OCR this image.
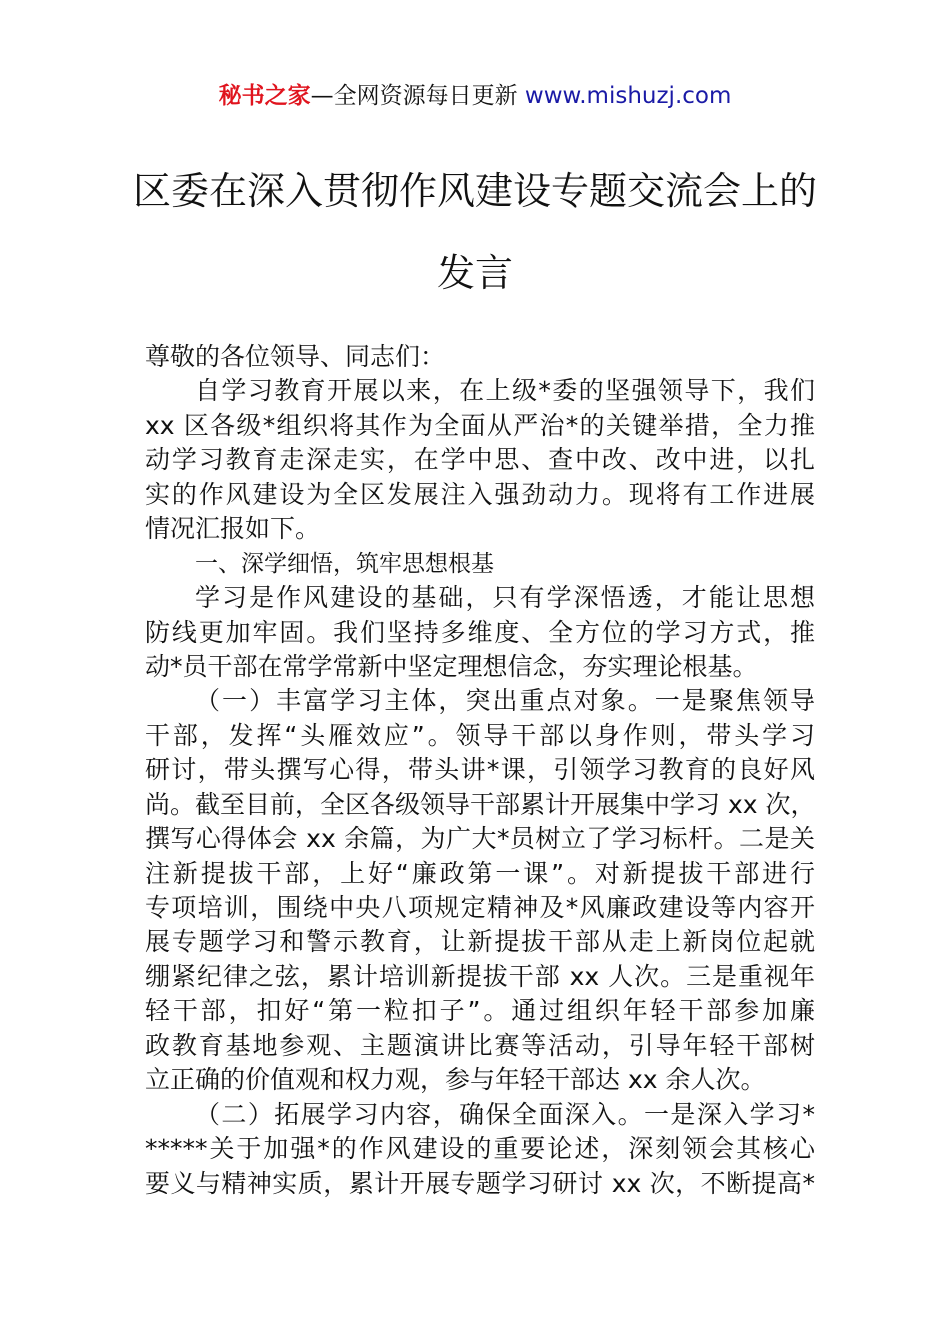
秘书之家—全网资源每日更新 www.mishuzj.com
区委在深入贯彻作风建设专题交流会上的
发言
尊敬的各位领导、同志们：
自学习教育开展以来，在上级*委的坚强领导下，我们
xx 区各级*组织将其作为全面从严治*的关键举措，全力推
动学习教育走深走实，在学中思、查中改、改中进，以扎
实的作风建设为全区发展注入强劲动力。现将有工作进展
情况汇报如下。
一、深学细悟，筑牢思想根基
学习是作风建设的基础，只有学深悟透，才能让思想
防线更加牢固。我们坚持多维度、全方位的学习方式，推
动*员干部在常学常新中坚定理想信念，夯实理论根基。
（一）丰富学习主体，突出重点对象。一是聚焦领导
干部，发挥“头雁效应”。领导干部以身作则，带头学习
研讨，带头撰写心得，带头讲*课，引领学习教育的良好风
尚。截至目前，全区各级领导干部累计开展集中学习 xx 次，
撰写心得体会 xx 余篇，为广大*员树立了学习标杆。二是关
注新提拔干部，上好“廉政第一课”。对新提拔干部进行
专项培训，围绕中央八项规定精神及*风廉政建设等内容开
展专题学习和警示教育，让新提拔干部从走上新岗位起就
绷紧纪律之弦，累计培训新提拔干部 xx 人次。三是重视年
轻干部，扣好“第一粒扣子”。通过组织年轻干部参加廉
政教育基地参观、主题演讲比赛等活动，引导年轻干部树
立正确的价值观和权力观，参与年轻干部达 xx 余人次。
（二）拓展学习内容，确保全面深入。一是深入学习*
*****关于加强*的作风建设的重要论述，深刻领会其核心
要义与精神实质，累计开展专题学习研讨 xx 次，不断提高*
